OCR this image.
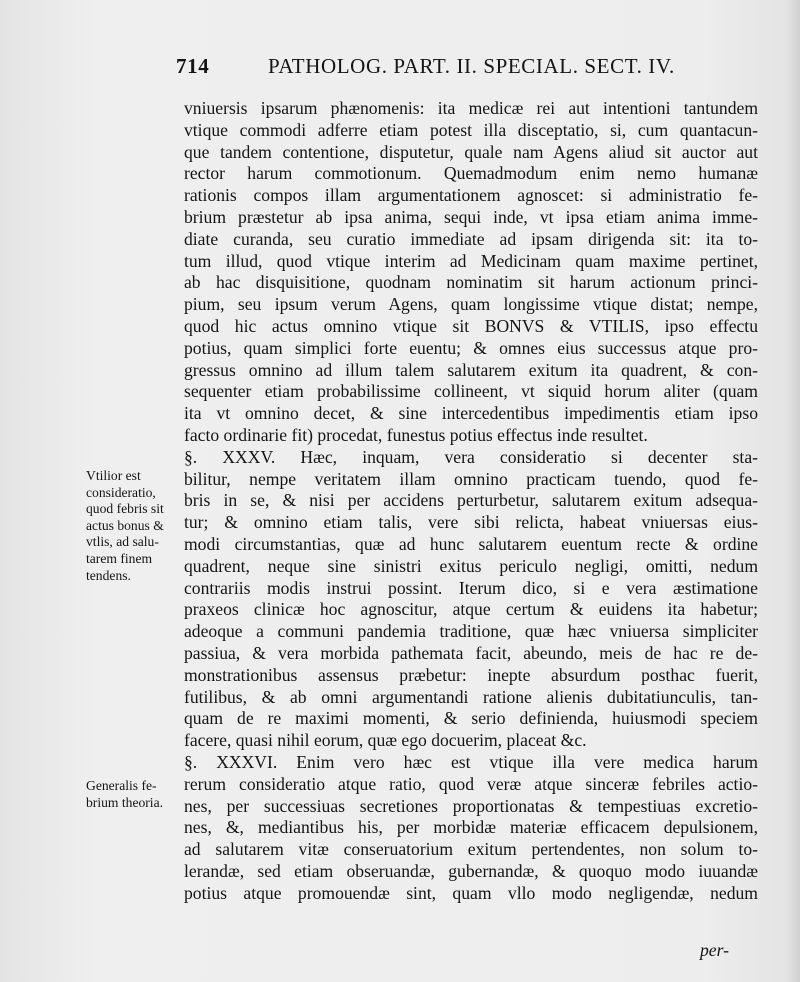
714	PATHOLOG. PART. II. SPECIAL. SECT. IV.
Vtilior est
consideratio,
quod febris sit
actus bonus &
vtlis, ad salu-
tarem finem
tendens.
Generalis fe-
brium theoria.
vniuersis ipsarum phænomenis: ita medicæ rei aut intentioni tantundem
vtique commodi adferre etiam potest illa disceptatio, si, cum quantacun-
que tandem contentione, disputetur, quale nam Agens aliud sit auctor aut
rector harum commotionum. Quemadmodum enim nemo humanæ
rationis compos illam argumentationem agnoscet: si administratio fe-
brium præstetur ab ipsa anima, sequi inde, vt ipsa etiam anima imme-
diate curanda, seu curatio immediate ad ipsam dirigenda sit: ita to-
tum illud, quod vtique interim ad Medicinam quam maxime pertinet,
ab hac disquisitione, quodnam nominatim sit harum actionum princi-
pium, seu ipsum verum Agens, quam longissime vtique distat; nempe,
quod hic actus omnino vtique sit BONVS & VTILIS, ipso effectu
potius, quam simplici forte euentu; & omnes eius successus atque pro-
gressus omnino ad illum talem salutarem exitum ita quadrent, & con-
sequenter etiam probabilissime collineent, vt siquid horum aliter (quam
ita vt omnino decet, & sine intercedentibus impedimentis etiam ipso
facto ordinarie fit) procedat, funestus potius effectus inde resultet.
§. XXXV. Hæc, inquam, vera consideratio si decenter sta-
bilitur, nempe veritatem illam omnino practicam tuendo, quod fe-
bris in se, & nisi per accidens perturbetur, salutarem exitum adsequa-
tur; & omnino etiam talis, vere sibi relicta, habeat vniuersas eius-
modi circumstantias, quæ ad hunc salutarem euentum recte & ordine
quadrent, neque sine sinistri exitus periculo negligi, omitti, nedum
contrariis modis instrui possint. Iterum dico, si e vera æstimatione
praxeos clinicæ hoc agnoscitur, atque certum & euidens ita habetur;
adeoque a communi pandemia traditione, quæ hæc vniuersa simpliciter
passiua, & vera morbida pathemata facit, abeundo, meis de hac re de-
monstrationibus assensus præbetur: inepte absurdum posthac fuerit,
futilibus, & ab omni argumentandi ratione alienis dubitatiunculis, tan-
quam de re maximi momenti, & serio definienda, huiusmodi speciem
facere, quasi nihil eorum, quæ ego docuerim, placeat &c.
§. XXXVI. Enim vero hæc est vtique illa vere medica harum
rerum consideratio atque ratio, quod veræ atque sinceræ febriles actio-
nes, per successiuas secretiones proportionatas & tempestiuas excretio-
nes, &, mediantibus his, per morbidæ materiæ efficacem depulsionem,
ad salutarem vitæ conseruatorium exitum pertendentes, non solum to-
lerandæ, sed etiam obseruandæ, gubernandæ, & quoquo modo iuuandæ
potius atque promouendæ sint, quam vllo modo negligendæ, nedum
per-
